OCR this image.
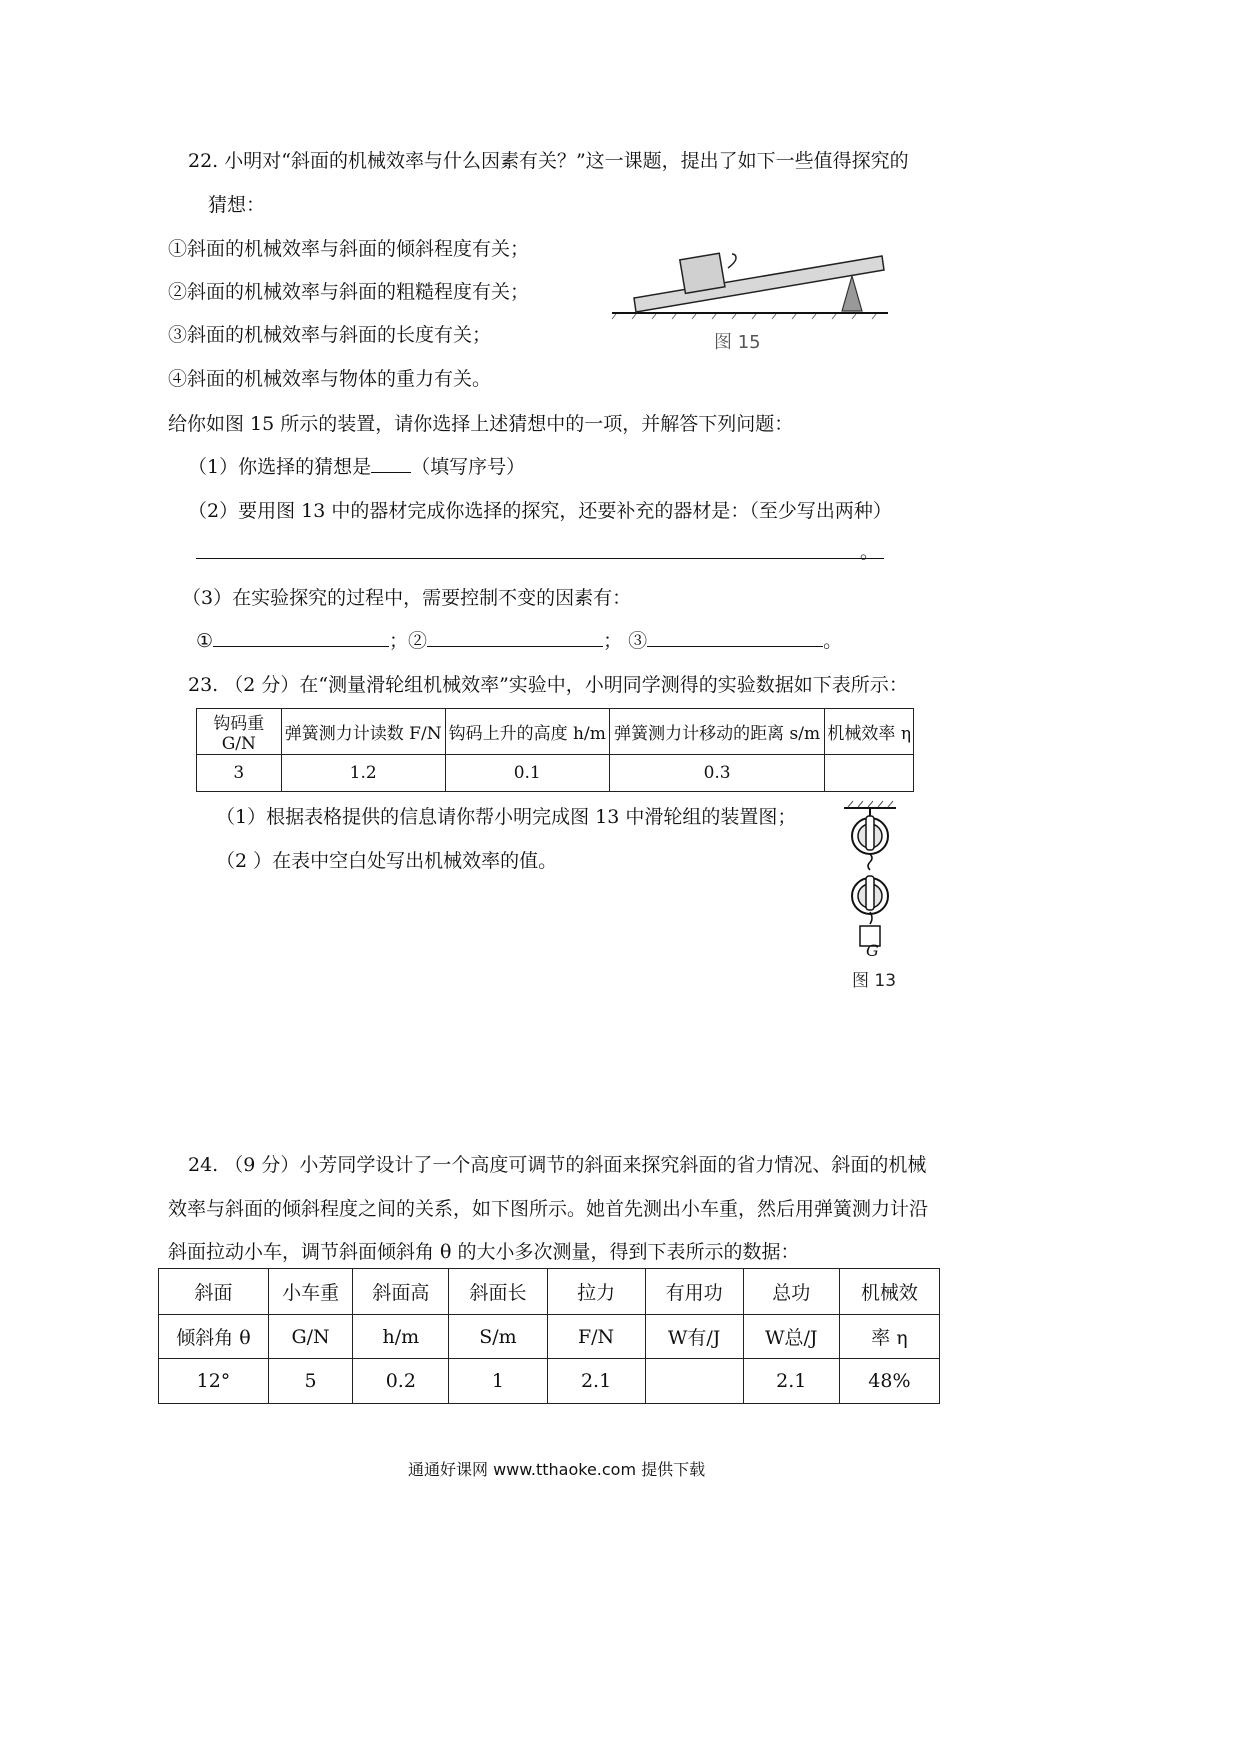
22. 小明对“斜面的机械效率与什么因素有关？”这一课题，提出了如下一些值得探究的
猜想：
①斜面的机械效率与斜面的倾斜程度有关；
②斜面的机械效率与斜面的粗糙程度有关；
③斜面的机械效率与斜面的长度有关；
④斜面的机械效率与物体的重力有关。
图 15
给你如图 15 所示的装置，请你选择上述猜想中的一项，并解答下列问题：
（1）你选择的猜想是 （填写序号）
（2）要用图 13 中的器材完成你选择的探究，还要补充的器材是：（至少写出两种）
。
（3）在实验探究的过程中，需要控制不变的因素有：
①	；②	； ③	。
23. （2 分）在“测量滑轮组机械效率”实验中，小明同学测得的实验数据如下表所示：
钩码重 G/N	弹簧测力计读数 F/N	钩码上升的高度 h/m	弹簧测力计移动的距离 s/m	机械效率 η
3	1.2	0.1	0.3	
（1）根据表格提供的信息请你帮小明完成图 13 中滑轮组的装置图；
（2 ）在表中空白处写出机械效率的值。
G
图 13
24. （9 分）小芳同学设计了一个高度可调节的斜面来探究斜面的省力情况、斜面的机械
效率与斜面的倾斜程度之间的关系，如下图所示。她首先测出小车重，然后用弹簧测力计沿
斜面拉动小车，调节斜面倾斜角 θ 的大小多次测量，得到下表所示的数据：
斜面	小车重	斜面高	斜面长	拉力	有用功	总功	机械效
倾斜角 θ	G/N	h/m	S/m	F/N	W有/J	W总/J	率 η
12°	5	0.2	1	2.1		2.1	48%
通通好课网 www.tthaoke.com 提供下载
